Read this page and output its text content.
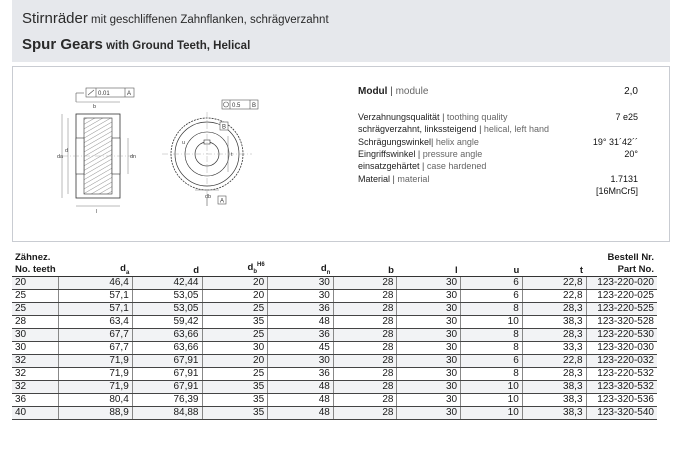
Stirnräder mit geschliffenen Zahnflanken, schrägverzahnt
Spur Gears with Ground Teeth, Helical
0.01	A
b
da
d
dn
l
0.5 B
B
t
db
A
u
Modul | module	2,0
Verzahnungsqualität | toothing quality	7 e25
schrägverzahnt, linkssteigend | helical, left hand
Schrägungswinkel| helix angle	19° 31´42´´
Eingriffswinkel | pressure angle	20°
einsatzgehärtet | case hardened
Material | material	1.7131
[16MnCr5]
Zähnez.
No. teeth	$d_a$	d	$d_b^{H6}$	$d_n$	b	l	u	t	Bestell Nr.
Part No.
20	46,4	42,44	20	30	28	30	6	22,8	123-220-020
25	57,1	53,05	20	30	28	30	6	22,8	123-220-025
25	57,1	53,05	25	36	28	30	8	28,3	123-220-525
28	63,4	59,42	35	48	28	30	10	38,3	123-320-528
30	67,7	63,66	25	36	28	30	8	28,3	123-220-530
30	67,7	63,66	30	45	28	30	8	33,3	123-320-030
32	71,9	67,91	20	30	28	30	6	22,8	123-220-032
32	71,9	67,91	25	36	28	30	8	28,3	123-220-532
32	71,9	67,91	35	48	28	30	10	38,3	123-320-532
36	80,4	76,39	35	48	28	30	10	38,3	123-320-536
40	88,9	84,88	35	48	28	30	10	38,3	123-320-540
